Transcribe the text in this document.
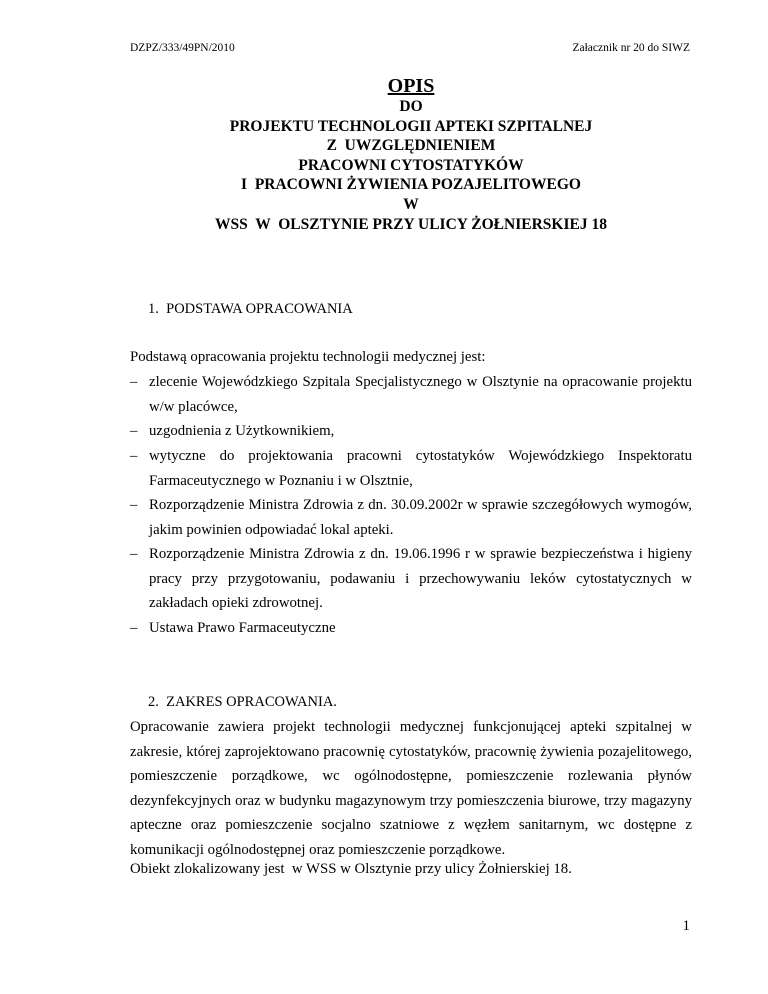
DZPZ/333/49PN/2010	Załacznik nr 20 do SIWZ
OPIS
DO
PROJEKTU TECHNOLOGII APTEKI SZPITALNEJ
Z  UWZGLĘDNIENIEM
PRACOWNI CYTOSTATYKÓW
I  PRACOWNI ŻYWIENIA POZAJELITOWEGO
W
WSS  W  OLSZTYNIE PRZY ULICY ŻOŁNIERSKIEJ 18
1.  PODSTAWA OPRACOWANIA
Podstawą opracowania projektu technologii medycznej jest:
– zlecenie Wojewódzkiego Szpitala Specjalistycznego w Olsztynie na opracowanie projektu w/w placówce,
– uzgodnienia z Użytkownikiem,
– wytyczne do projektowania pracowni cytostatyków Wojewódzkiego Inspektoratu Farmaceutycznego w Poznaniu i w Olsztnie,
– Rozporządzenie Ministra Zdrowia z dn. 30.09.2002r w sprawie szczegółowych wymogów, jakim powinien odpowiadać lokal apteki.
– Rozporządzenie Ministra Zdrowia z dn. 19.06.1996 r w sprawie bezpieczeństwa i higieny pracy przy przygotowaniu, podawaniu i przechowywaniu leków cytostatycznych w zakładach opieki zdrowotnej.
– Ustawa Prawo Farmaceutyczne
2.  ZAKRES OPRACOWANIA.
Opracowanie zawiera projekt technologii medycznej funkcjonującej apteki szpitalnej w zakresie, której zaprojektowano pracownię cytostatyków, pracownię żywienia pozajelitowego, pomieszczenie porządkowe, wc ogólnodostępne, pomieszczenie rozlewania płynów dezynfekcyjnych oraz w budynku magazynowym trzy pomieszczenia biurowe, trzy magazyny apteczne oraz pomieszczenie socjalno szatniowe z węzłem sanitarnym, wc dostępne z komunikacji ogólnodostępnej oraz pomieszczenie porządkowe.
Obiekt zlokalizowany jest  w WSS w Olsztynie przy ulicy Żołnierskiej 18.
1
